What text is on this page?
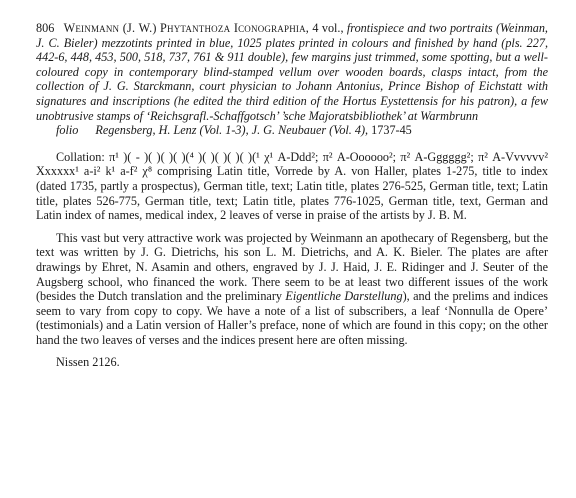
806 Weinmann (J. W.) Phytanthoza Iconographia, 4 vol., frontispiece and two portraits (Weinman, J. C. Bieler) mezzotints printed in blue, 1025 plates printed in colours and finished by hand (pls. 227, 442-6, 448, 453, 500, 518, 737, 761 & 911 double), few margins just trimmed, some spotting, but a well-coloured copy in contemporary blind-stamped vellum over wooden boards, clasps intact, from the collection of J. G. Starckmann, court physician to Johann Antonius, Prince Bishop of Eichstatt with signatures and inscriptions (he edited the third edition of the Hortus Eystettensis for his patron), a few unobtrusive stamps of ‘Reichsgrafl.-Schaffgotsch’ ’sche Majoratsbibliothek’ at Warmbrunn

folio Regensberg, H. Lenz (Vol. 1-3), J. G. Neubauer (Vol. 4), 1737-45

Collation: π¹ )( - )( )( )( )(⁴ )( )( )( )( )(¹ χ¹ A-Ddd²; π² A-Oooooo²; π² A-Gggggg²; π² A-Vvvvvv² Xxxxxx¹ a-i² k¹ a-f² χ⁸ comprising Latin title, Vorrede by A. von Haller, plates 1-275, title to index (dated 1735, partly a prospectus), German title, text; Latin title, plates 276-525, German title, text; Latin title, plates 526-775, German title, text; Latin title, plates 776-1025, German title, text, German and Latin index of names, medical index, 2 leaves of verse in praise of the artists by J. B. M.

This vast but very attractive work was projected by Weinmann an apothecary of Regensberg, but the text was written by J. G. Dietrichs, his son L. M. Dietrichs, and A. K. Bieler. The plates are after drawings by Ehret, N. Asamin and others, engraved by J. J. Haid, J. E. Ridinger and J. Seuter of the Augsberg school, who financed the work. There seem to be at least two different issues of the work (besides the Dutch translation and the preliminary Eigentliche Darstellung), and the prelims and indices seem to vary from copy to copy. We have a note of a list of subscribers, a leaf ‘Nonnulla de Opere’ (testimonials) and a Latin version of Haller’s preface, none of which are found in this copy; on the other hand the two leaves of verses and the indices present here are often missing.

Nissen 2126.
